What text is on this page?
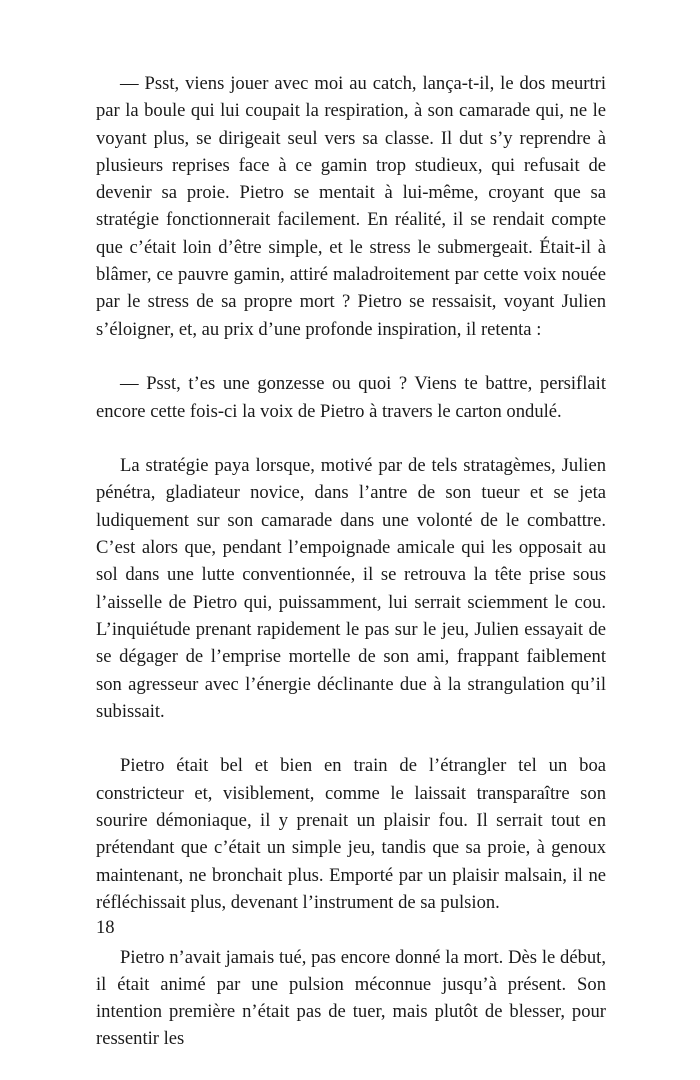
— Psst, viens jouer avec moi au catch, lança-t-il, le dos meurtri par la boule qui lui coupait la respiration, à son camarade qui, ne le voyant plus, se dirigeait seul vers sa classe. Il dut s’y reprendre à plusieurs reprises face à ce gamin trop studieux, qui refusait de devenir sa proie. Pietro se mentait à lui-même, croyant que sa stratégie fonctionnerait facilement. En réalité, il se rendait compte que c’était loin d’être simple, et le stress le submergeait. Était-il à blâmer, ce pauvre gamin, attiré maladroitement par cette voix nouée par le stress de sa propre mort ? Pietro se ressaisit, voyant Julien s’éloigner, et, au prix d’une profonde inspiration, il retenta :

— Psst, t’es une gonzesse ou quoi ? Viens te battre, persiflait encore cette fois-ci la voix de Pietro à travers le carton ondulé.

La stratégie paya lorsque, motivé par de tels stratagèmes, Julien pénétra, gladiateur novice, dans l’antre de son tueur et se jeta ludiquement sur son camarade dans une volonté de le combattre. C’est alors que, pendant l’empoignade amicale qui les opposait au sol dans une lutte conventionnée, il se retrouva la tête prise sous l’aisselle de Pietro qui, puissamment, lui serrait sciemment le cou. L’inquiétude prenant rapidement le pas sur le jeu, Julien essayait de se dégager de l’emprise mortelle de son ami, frappant faiblement son agresseur avec l’énergie déclinante due à la strangulation qu’il subissait.

Pietro était bel et bien en train de l’étrangler tel un boa constricteur et, visiblement, comme le laissait transparaître son sourire démoniaque, il y prenait un plaisir fou. Il serrait tout en prétendant que c’était un simple jeu, tandis que sa proie, à genoux maintenant, ne bronchait plus. Emporté par un plaisir malsain, il ne réfléchissait plus, devenant l’instrument de sa pulsion.

Pietro n’avait jamais tué, pas encore donné la mort. Dès le début, il était animé par une pulsion méconnue jusqu’à présent. Son intention première n’était pas de tuer, mais plutôt de blesser, pour ressentir les

18
